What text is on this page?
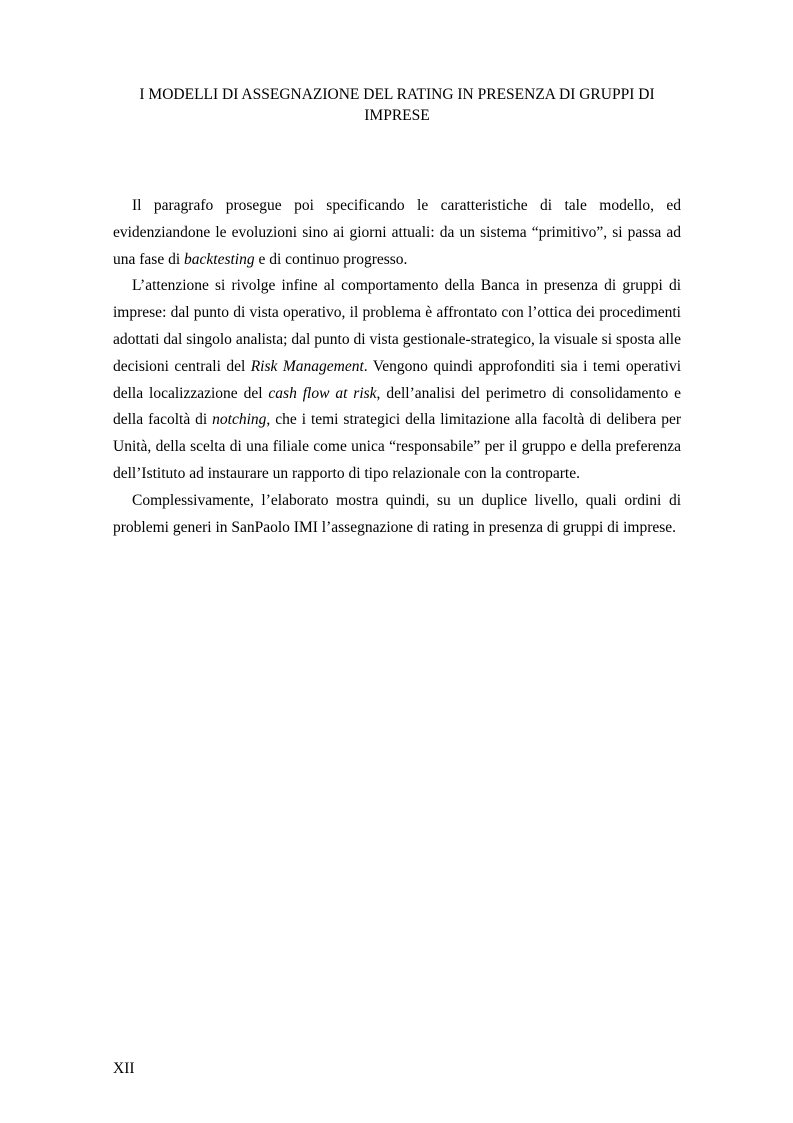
I MODELLI DI ASSEGNAZIONE DEL RATING IN PRESENZA DI GRUPPI DI
IMPRESE

Il paragrafo prosegue poi specificando le caratteristiche di tale modello, ed evidenziandone le evoluzioni sino ai giorni attuali: da un sistema “primitivo”, si passa ad una fase di backtesting e di continuo progresso.

L’attenzione si rivolge infine al comportamento della Banca in presenza di gruppi di imprese: dal punto di vista operativo, il problema è affrontato con l’ottica dei procedimenti adottati dal singolo analista; dal punto di vista gestionale-strategico, la visuale si sposta alle decisioni centrali del Risk Management. Vengono quindi approfonditi sia i temi operativi della localizzazione del cash flow at risk, dell’analisi del perimetro di consolidamento e della facoltà di notching, che i temi strategici della limitazione alla facoltà di delibera per Unità, della scelta di una filiale come unica “responsabile” per il gruppo e della preferenza dell’Istituto ad instaurare un rapporto di tipo relazionale con la controparte.

Complessivamente, l’elaborato mostra quindi, su un duplice livello, quali ordini di problemi generi in SanPaolo IMI l’assegnazione di rating in presenza di gruppi di imprese.

XII
